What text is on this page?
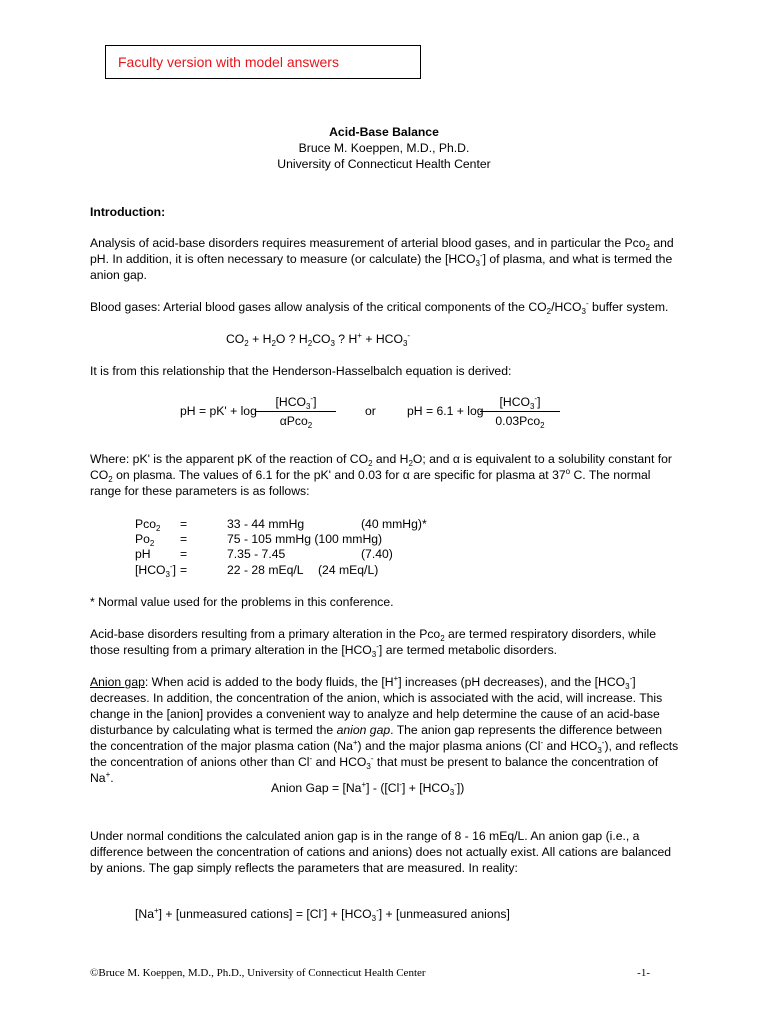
Faculty version with model answers
Acid-Base Balance
Bruce M. Koeppen, M.D., Ph.D.
University of Connecticut Health Center
Introduction:
Analysis of acid-base disorders requires measurement of arterial blood gases, and in particular the Pco$_2$ and pH. In addition, it is often necessary to measure (or calculate) the $[HCO_3^-]$ of plasma, and what is termed the anion gap.
Blood gases: Arterial blood gases allow analysis of the critical components of the $CO_2/HCO_3^-$ buffer system.
$CO_2 + H_2O$ ? $H_2CO_3$ ? $H^+ + HCO_3^-$
It is from this relationship that the Henderson-Hasselbalch equation is derived:
pH = pK' + log
$[HCO_3^-]$
αPco$_2$
or	pH = 6.1 + log
$[HCO_3^-]$
0.03Pco$_2$
Where: pK' is the apparent pK of the reaction of $CO_2$ and $H_2O$; and α is equivalent to a solubility constant for $CO_2$ on plasma. The values of 6.1 for the pK' and 0.03 for α are specific for plasma at 37$^o$ C. The normal range for these parameters is as follows:
Pco$_2$ =	33 - 44 mmHg	(40 mmHg)*
$Po_2$ =	75 - 105 mmHg (100 mmHg)
pH =	7.35 - 7.45	(7.40)
$[HCO_3^-]$ =	22 - 28 mEq/L (24 mEq/L)
* Normal value used for the problems in this conference.
Acid-base disorders resulting from a primary alteration in the Pco$_2$ are termed respiratory disorders, while those resulting from a primary alteration in the $[HCO_3^-]$ are termed metabolic disorders.
Anion gap: When acid is added to the body fluids, the [H+] increases (pH decreases), and the $[HCO_3^-]$ decreases. In addition, the concentration of the anion, which is associated with the acid, will increase. This change in the [anion] provides a convenient way to analyze and help determine the cause of an acid-base disturbance by calculating what is termed the anion gap. The anion gap represents the difference between the concentration of the major plasma cation (Na+) and the major plasma anions (Cl- and $HCO_3^-$), and reflects the concentration of anions other than Cl- and $HCO_3^-$ that must be present to balance the concentration of Na+.
Anion Gap = $[Na^+] - ([Cl^-] + [HCO_3^-])$
Under normal conditions the calculated anion gap is in the range of 8 - 16 mEq/L. An anion gap (i.e., a difference between the concentration of cations and anions) does not actually exist. All cations are balanced by anions. The gap simply reflects the parameters that are measured. In reality:
[Na+] + [unmeasured cations] = $[Cl^-] + [HCO_3^-]$ + [unmeasured anions]
©Bruce M. Koeppen, M.D., Ph.D., University of Connecticut Health Center	-1-
